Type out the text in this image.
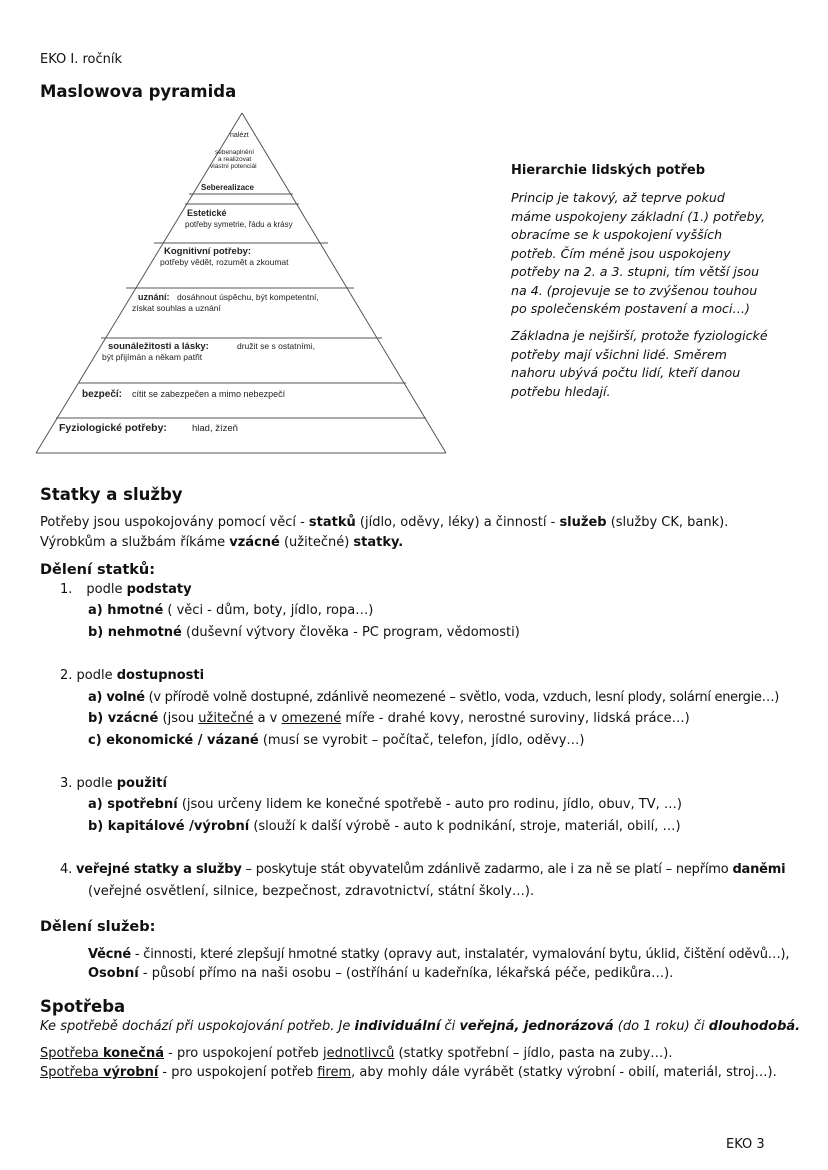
EKO I. ročník
Maslowova pyramida
nalézt
sebenaplnění
a realizovat
vlastní potenciál
Seberealizace
Estetické
potřeby symetrie, řádu a krásy
Kognitivní potřeby:
potřeby vědět, rozumět a zkoumat
uznání: dosáhnout úspěchu, být kompetentní,
získat souhlas a uznání
sounáležitosti a lásky:	družit se s ostatními,
být přijímán a někam patřit
bezpečí: cítit se zabezpečen a mimo nebezpečí
Fyziologické potřeby:	hlad, žízeň
Hierarchie lidských potřeb
Princip je takový, až teprve pokud
máme uspokojeny základní (1.) potřeby,
obracíme se k uspokojení vyšších
potřeb. Čím méně jsou uspokojeny
potřeby na 2. a 3. stupni, tím větší jsou
na 4. (projevuje se to zvýšenou touhou
po společenském postavení a moci…)
Základna je nejširší, protože fyziologické
potřeby mají všichni lidé. Směrem
nahoru ubývá počtu lidí, kteří danou
potřebu hledají.
Statky a služby
Potřeby jsou uspokojovány pomocí věcí - statků (jídlo, oděvy, léky) a činností - služeb (služby CK, bank).
Výrobkům a službám říkáme vzácné (užitečné) statky.
Dělení statků:
1. podle podstaty
a) hmotné ( věci - dům, boty, jídlo, ropa…)
b) nehmotné (duševní výtvory člověka - PC program, vědomosti)
2. podle dostupnosti
a) volné (v přírodě volně dostupné, zdánlivě neomezené – světlo, voda, vzduch, lesní plody, solární energie…)
b) vzácné (jsou užitečné a v omezené míře - drahé kovy, nerostné suroviny, lidská práce…)
c) ekonomické / vázané (musí se vyrobit – počítač, telefon, jídlo, oděvy…)
3. podle použití
a) spotřební (jsou určeny lidem ke konečné spotřebě - auto pro rodinu, jídlo, obuv, TV, …)
b) kapitálové /výrobní (slouží k další výrobě - auto k podnikání, stroje, materiál, obilí, …)
4. veřejné statky a služby – poskytuje stát obyvatelům zdánlivě zadarmo, ale i za ně se platí – nepřímo daněmi
(veřejné osvětlení, silnice, bezpečnost, zdravotnictví, státní školy…).
Dělení služeb:
Věcné - činnosti, které zlepšují hmotné statky (opravy aut, instalatér, vymalování bytu, úklid, čištění oděvů…),
Osobní - působí přímo na naši osobu – (ostříhání u kadeřníka, lékařská péče, pedikůra…).
Spotřeba
Ke spotřebě dochází při uspokojování potřeb. Je individuální či veřejná, jednorázová (do 1 roku) či dlouhodobá.
Spotřeba konečná - pro uspokojení potřeb jednotlivců (statky spotřební – jídlo, pasta na zuby…).
Spotřeba výrobní - pro uspokojení potřeb firem, aby mohly dále vyrábět (statky výrobní - obilí, materiál, stroj…).
EKO 3
